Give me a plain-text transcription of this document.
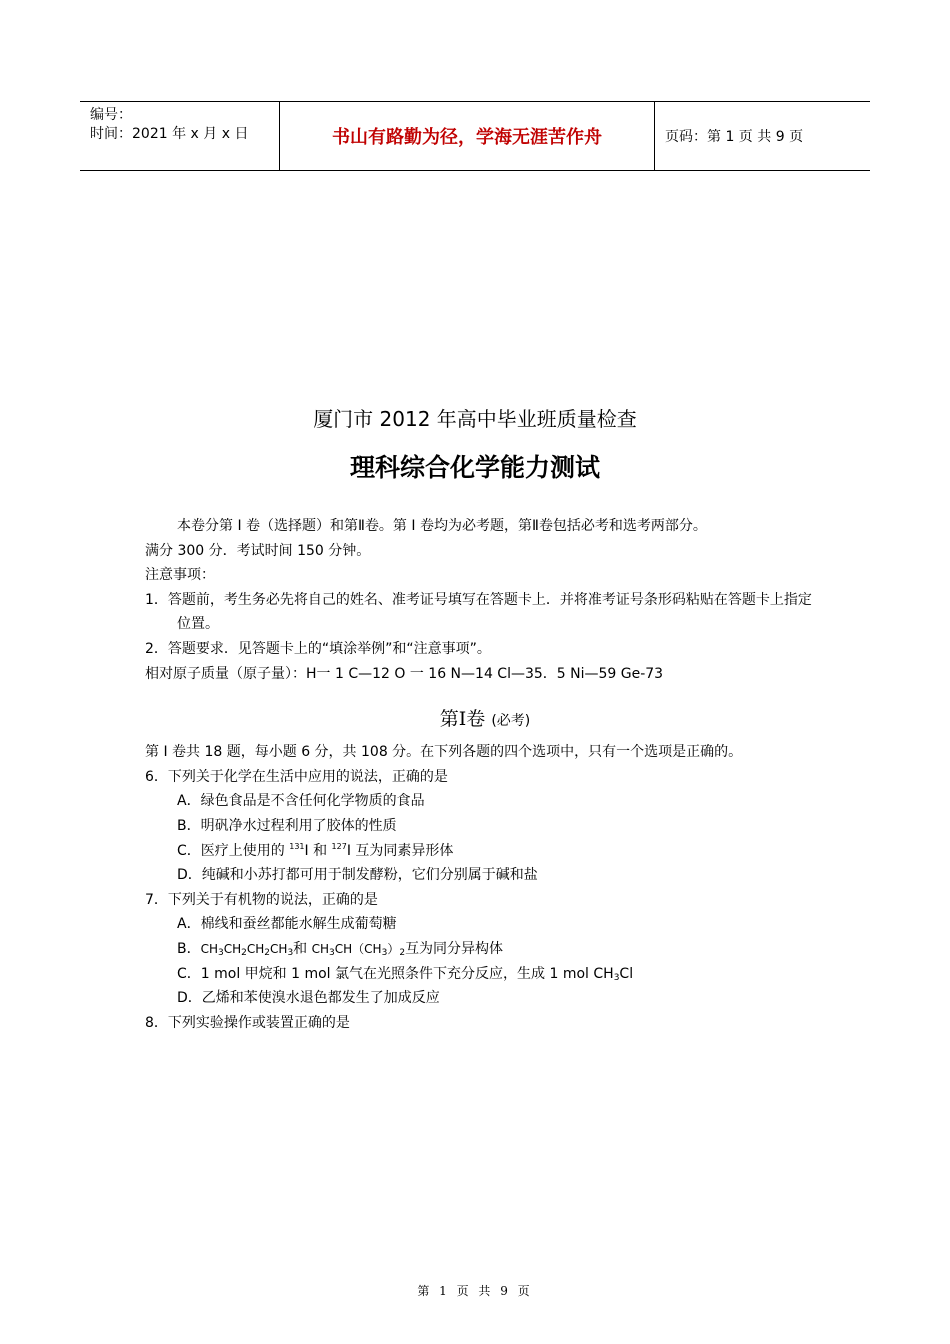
编号：
时间：2021 年 x 月 x 日	书山有路勤为径，学海无涯苦作舟	页码：第 1 页 共 9 页
厦门市 2012 年高中毕业班质量检查
理科综合化学能力测试

本卷分第 I 卷（选择题）和第Ⅱ卷。第 I 卷均为必考题，第Ⅱ卷包括必考和选考两部分。

满分 300 分．考试时间 150 分钟。

注意事项：

1．答题前，考生务必先将自己的姓名、准考证号填写在答题卡上．并将准考证号条形码粘贴在答题卡上指定位置。

2．答题要求．见答题卡上的“填涂举例”和“注意事项”。

相对原子质量（原子量）：H一 1 C—12 O 一 16 N—14 Cl—35．5 Ni—59 Ge-73

第Ⅰ卷 (必考)

第 I 卷共 18 题，每小题 6 分，共 108 分。在下列各题的四个选项中，只有一个选项是正确的。

6．下列关于化学在生活中应用的说法，正确的是

A．绿色食品是不含任何化学物质的食品

B．明矾净水过程利用了胶体的性质

C．医疗上使用的 $^{131}$I 和 $^{127}$I 互为同素异形体

D．纯碱和小苏打都可用于制发酵粉，它们分别属于碱和盐

7．下列关于有机物的说法，正确的是

A．棉线和蚕丝都能水解生成葡萄糖

B．$CH_3CH_2CH_2CH_3$和 $CH_3CH(CH_3)_2$互为同分异构体

C．1 mol 甲烷和 1 mol 氯气在光照条件下充分反应，生成 1 mol $CH_3Cl$

D．乙烯和苯使溴水退色都发生了加成反应

8．下列实验操作或装置正确的是

第 1 页 共 9 页
